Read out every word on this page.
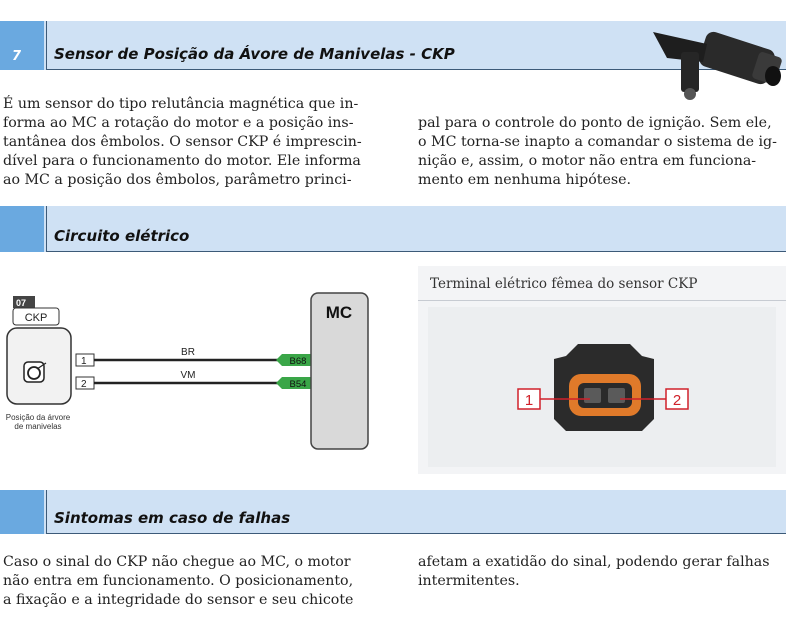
7 Sensor de Posição da Ávore de Manivelas - CKP
É um sensor do tipo relutância magnética que in-
forma ao MC a rotação do motor e a posição ins-
tantânea dos êmbolos. O sensor CKP é imprescin-
dível para o funcionamento do motor. Ele informa
ao MC a posição dos êmbolos, parâmetro princi-
pal para o controle do ponto de ignição. Sem ele,
o MC torna-se inapto a comandar o sistema de ig-
nição e, assim, o motor não entra em funciona-
mento em nenhuma hipótese.
Circuito elétrico
07
CKP
Posição da árvore
de manivelas
1
2
BR
VM
B68
B54
MC
Terminal elétrico fêmea do sensor CKP
1	2
Sintomas em caso de falhas
Caso o sinal do CKP não chegue ao MC, o motor
não entra em funcionamento. O posicionamento,
a fixação e a integridade do sensor e seu chicote
afetam a exatidão do sinal, podendo gerar falhas
intermitentes.
